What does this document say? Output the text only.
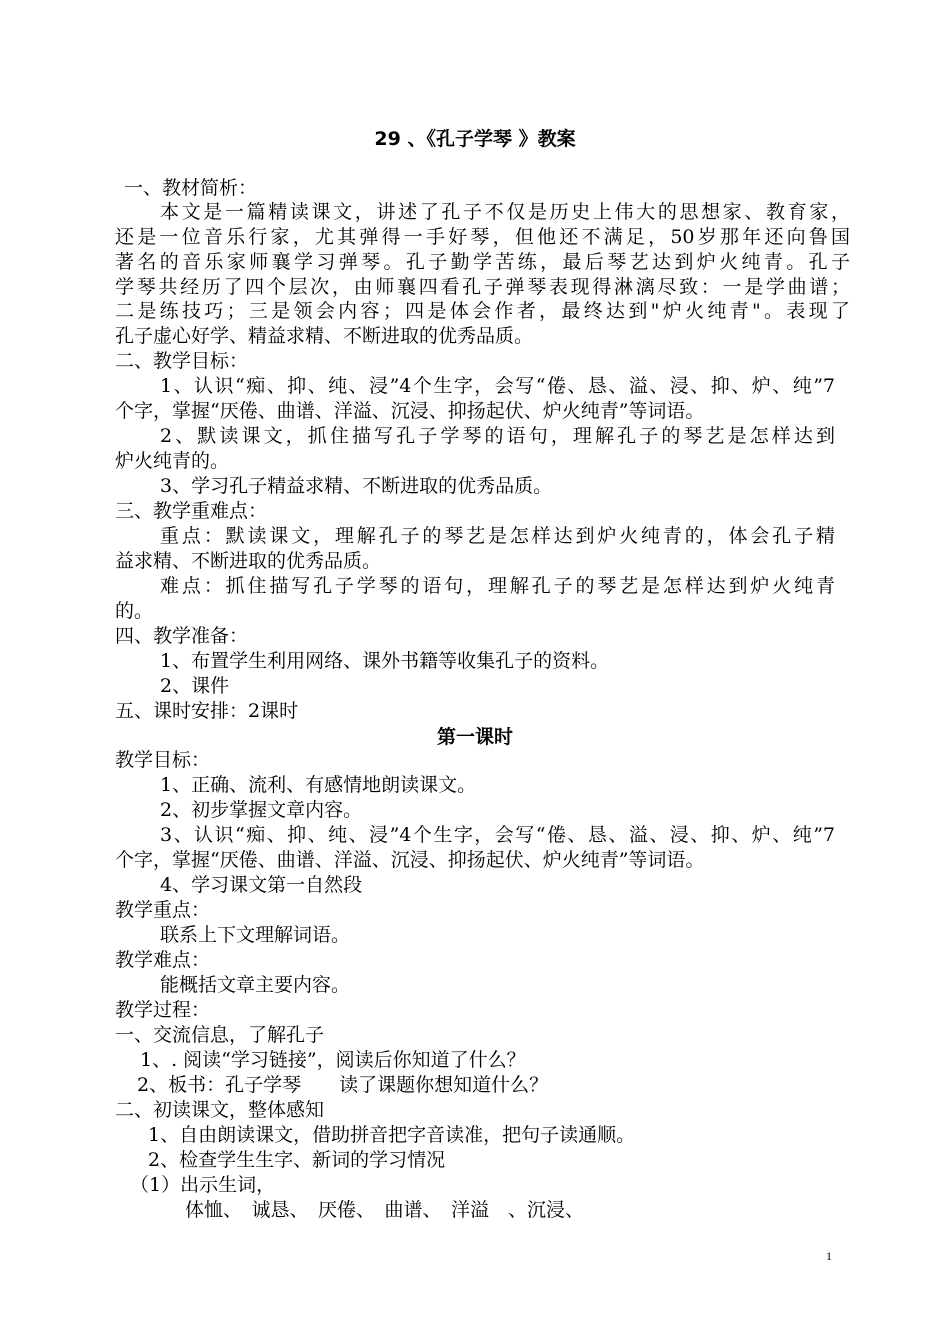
29 、《孔子学琴 》教案
一、教材简析：
本文是一篇精读课文，讲述了孔子不仅是历史上伟大的思想家、教育家，
还是一位音乐行家，尤其弹得一手好琴，但他还不满足，50岁那年还向鲁国
著名的音乐家师襄学习弹琴。孔子勤学苦练，最后琴艺达到炉火纯青。孔子
学琴共经历了四个层次，由师襄四看孔子弹琴表现得淋漓尽致：一是学曲谱；
二是练技巧；三是领会内容；四是体会作者，最终达到"炉火纯青"。表现了
孔子虚心好学、精益求精、不断进取的优秀品质。
二、教学目标：
1、认识“痴、抑、纯、浸”4个生字，会写“倦、恳、溢、浸、抑、炉、纯”7
个字，掌握“厌倦、曲谱、洋溢、沉浸、抑扬起伏、炉火纯青”等词语。
2、默读课文，抓住描写孔子学琴的语句，理解孔子的琴艺是怎样达到
炉火纯青的。
3、学习孔子精益求精、不断进取的优秀品质。
三、教学重难点：
重点：默读课文，理解孔子的琴艺是怎样达到炉火纯青的，体会孔子精
益求精、不断进取的优秀品质。
难点：抓住描写孔子学琴的语句，理解孔子的琴艺是怎样达到炉火纯青
的。
四、教学准备：
1、布置学生利用网络、课外书籍等收集孔子的资料。
2、课件
五、课时安排：2课时
第一课时
教学目标：
1、正确、流利、有感情地朗读课文。
2、初步掌握文章内容。
3、认识“痴、抑、纯、浸”4个生字，会写“倦、恳、溢、浸、抑、炉、纯”7
个字，掌握“厌倦、曲谱、洋溢、沉浸、抑扬起伏、炉火纯青”等词语。
4、学习课文第一自然段
教学重点：
联系上下文理解词语。
教学难点：
能概括文章主要内容。
教学过程：
一、交流信息，了解孔子
1、. 阅读“学习链接”，阅读后你知道了什么？
2、板书：孔子学琴　　读了课题你想知道什么？
二、初读课文，整体感知
1、自由朗读课文，借助拼音把字音读准，把句子读通顺。
2、检查学生生字、新词的学习情况
（1）出示生词，
体恤、　诚恳、　厌倦、　曲谱、　洋溢　、沉浸、
1
